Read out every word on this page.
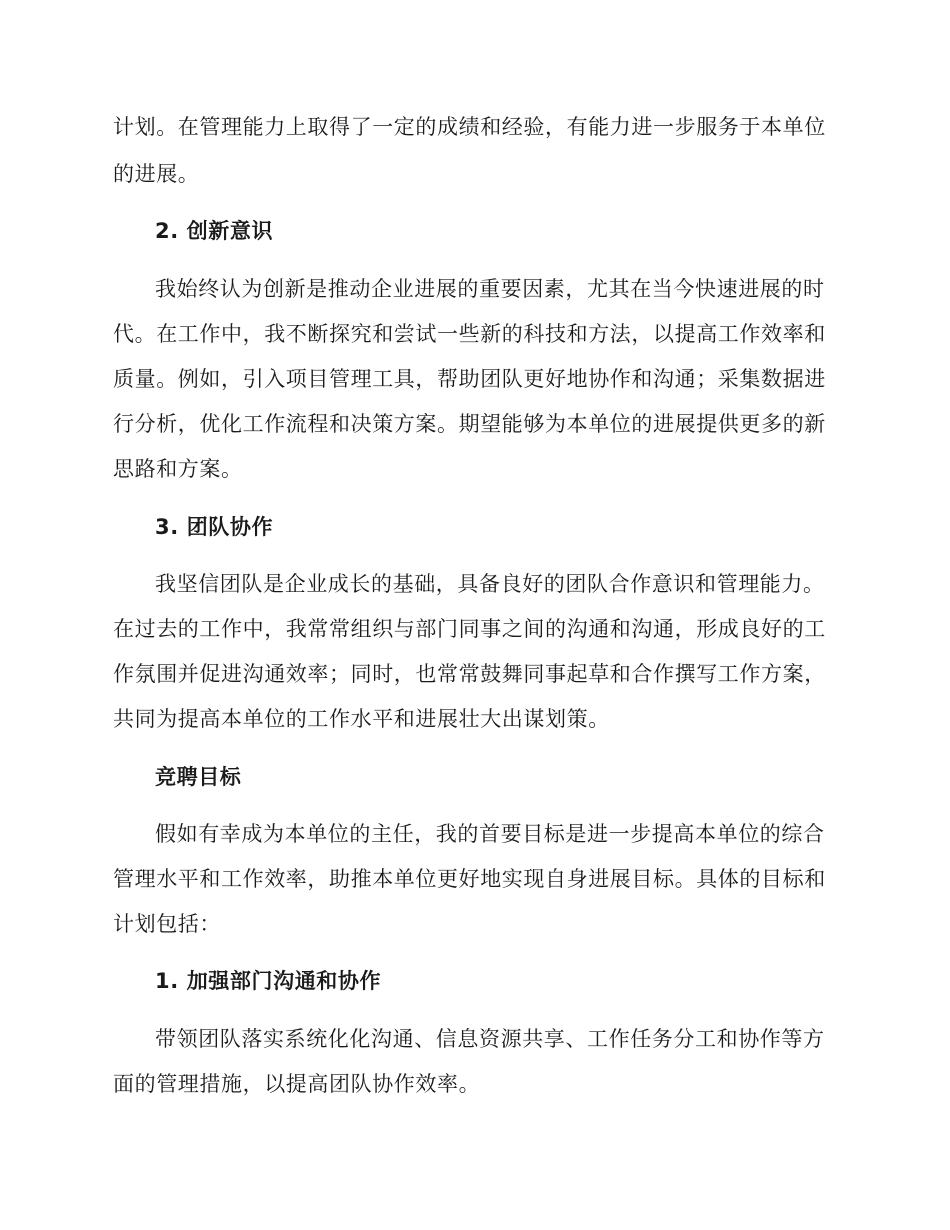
计划。在管理能力上取得了一定的成绩和经验，有能力进一步服务于本单位
的进展。
2. 创新意识
我始终认为创新是推动企业进展的重要因素，尤其在当今快速进展的时
代。在工作中，我不断探究和尝试一些新的科技和方法，以提高工作效率和
质量。例如，引入项目管理工具，帮助团队更好地协作和沟通；采集数据进
行分析，优化工作流程和决策方案。期望能够为本单位的进展提供更多的新
思路和方案。
3. 团队协作
我坚信团队是企业成长的基础，具备良好的团队合作意识和管理能力。
在过去的工作中，我常常组织与部门同事之间的沟通和沟通，形成良好的工
作氛围并促进沟通效率；同时，也常常鼓舞同事起草和合作撰写工作方案，
共同为提高本单位的工作水平和进展壮大出谋划策。
竞聘目标
假如有幸成为本单位的主任，我的首要目标是进一步提高本单位的综合
管理水平和工作效率，助推本单位更好地实现自身进展目标。具体的目标和
计划包括：
1. 加强部门沟通和协作
带领团队落实系统化化沟通、信息资源共享、工作任务分工和协作等方
面的管理措施，以提高团队协作效率。
